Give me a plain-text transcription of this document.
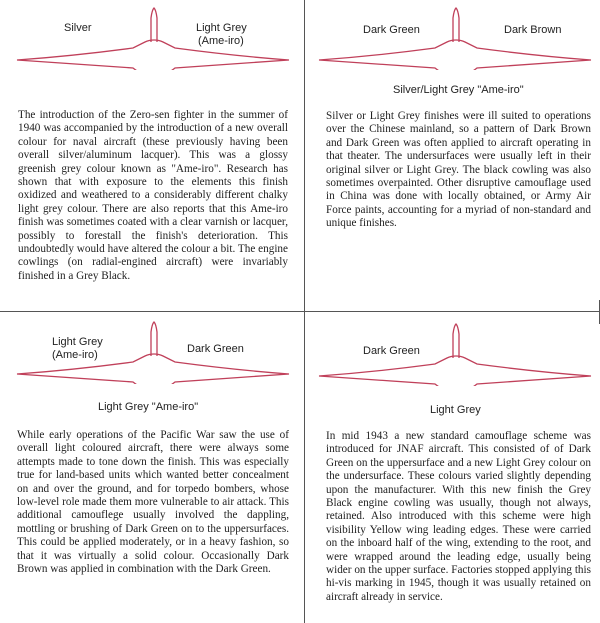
Silver	Light Grey
(Ame-iro)
The introduction of the Zero-sen fighter in the summer of 1940 was accompanied by the introduction of a new overall colour for naval aircraft (these previously having been overall silver/aluminum lacquer). This was a glossy greenish grey colour known as "Ame-iro". Research has shown that with exposure to the elements this finish oxidized and weathered to a considerably different chalky light grey colour. There are also reports that this Ame-iro finish was sometimes coated with a clear varnish or lacquer, possibly to forestall the finish's deterioration. This undoubtedly would have altered the colour a bit. The engine cowlings (on radial-engined aircraft) were invariably finished in a Grey Black.
Dark Green	Dark Brown
Silver/Light Grey "Ame-iro"
Silver or Light Grey finishes were ill suited to operations over the Chinese mainland, so a pattern of Dark Brown and Dark Green was often applied to aircraft operating in that theater. The undersurfaces were usually left in their original silver or Light Grey. The black cowling was also sometimes overpainted. Other disruptive camouflage used in China was done with locally obtained, or Army Air Force paints, accounting for a myriad of non-standard and unique finishes.
Light Grey
(Ame-iro)	Dark Green
Light Grey "Ame-iro"
While early operations of the Pacific War saw the use of overall light coloured aircraft, there were always some attempts made to tone down the finish. This was especially true for land-based units which wanted better concealment on and over the ground, and for torpedo bombers, whose low-level role made them more vulnerable to air attack. This additional camouflege usually involved the dappling, mottling or brushing of Dark Green on to the uppersurfaces. This could be applied moderately, or in a heavy fashion, so that it was virtually a solid colour. Occasionally Dark Brown was applied in combination with the Dark Green.
Dark Green
Light Grey
In mid 1943 a new standard camouflage scheme was introduced for JNAF aircraft. This consisted of of Dark Green on the uppersurface and a new Light Grey colour on the undersurface. These colours varied slightly depending upon the manufacturer. With this new finish the Grey Black engine cowling was usually, though not always, retained. Also introduced with this scheme were high visibility Yellow wing leading edges. These were carried on the inboard half of the wing, extending to the root, and were wrapped around the leading edge, usually being wider on the upper surface. Factories stopped applying this hi-vis marking in 1945, though it was usually retained on aircraft already in service.
